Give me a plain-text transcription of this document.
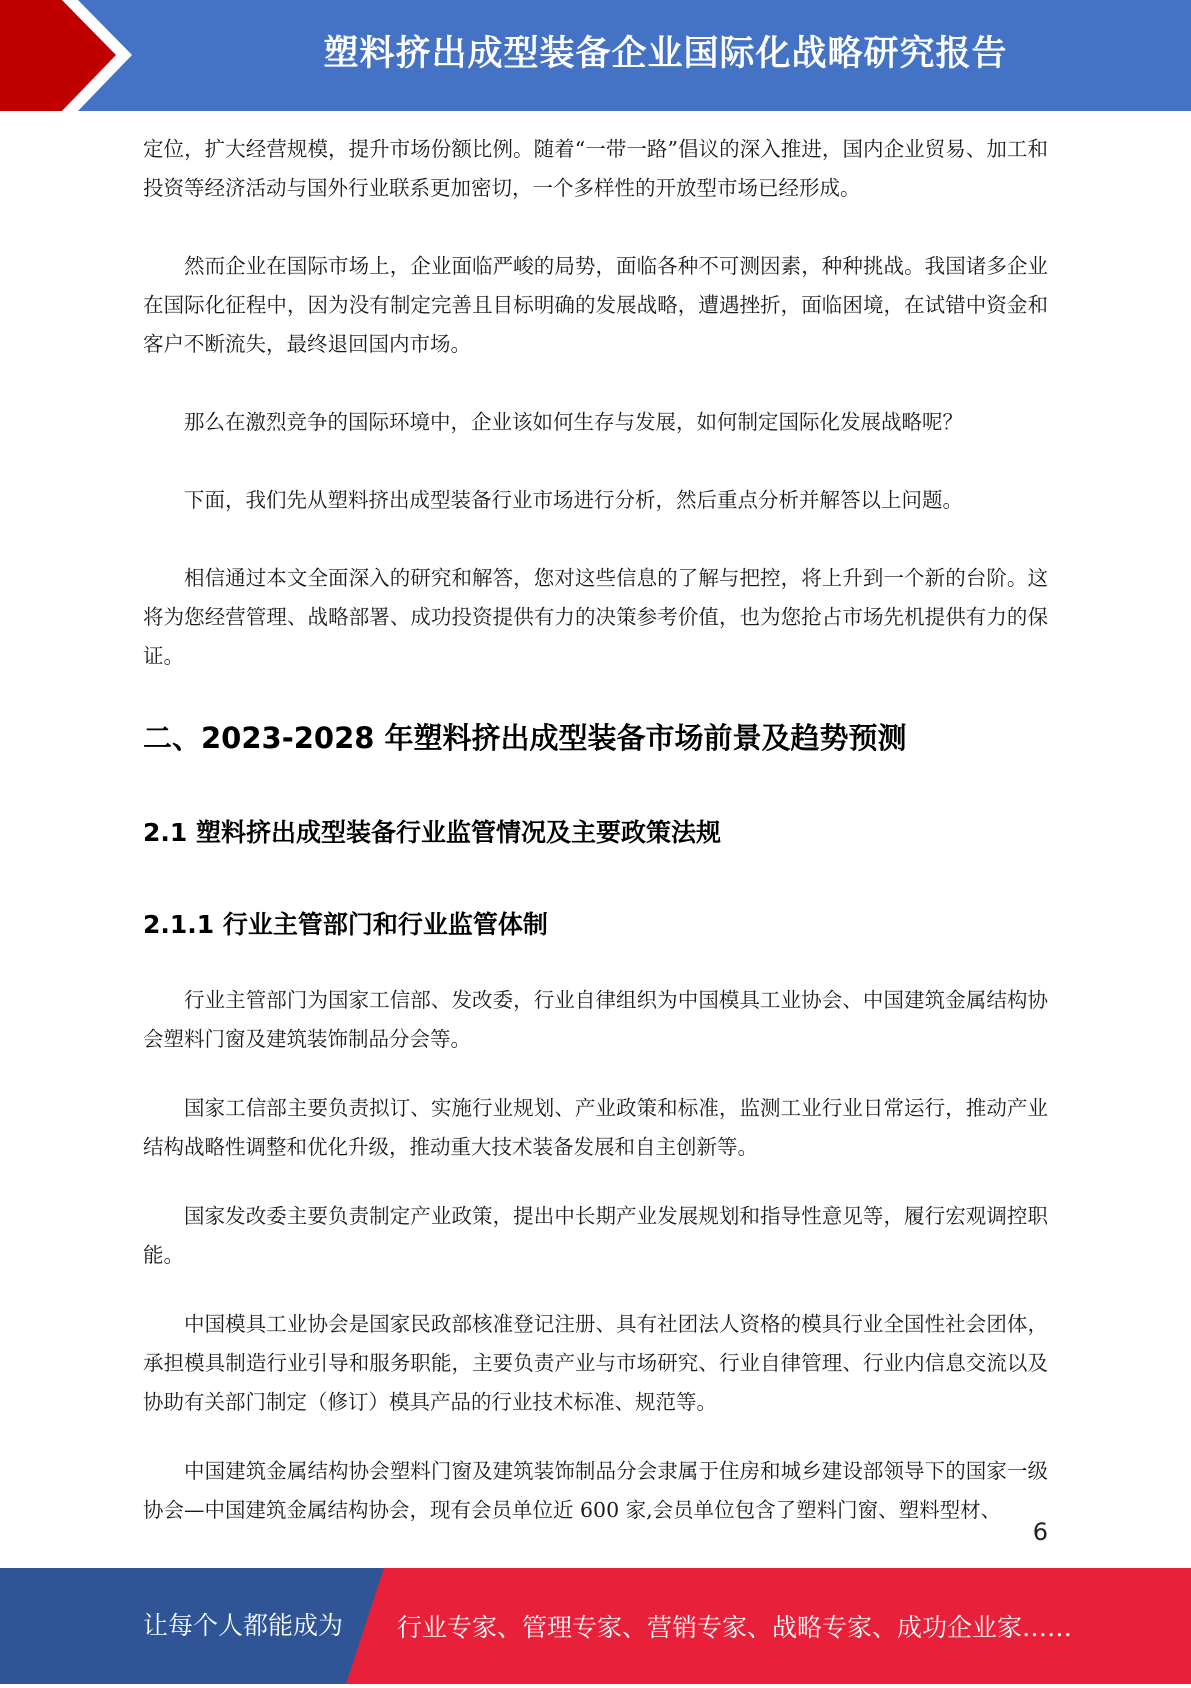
塑料挤出成型装备企业国际化战略研究报告

定位，扩大经营规模，提升市场份额比例。随着“一带一路”倡议的深入推进，国内企业贸易、加工和投资等经济活动与国外行业联系更加密切，一个多样性的开放型市场已经形成。

然而企业在国际市场上，企业面临严峻的局势，面临各种不可测因素，种种挑战。我国诸多企业在国际化征程中，因为没有制定完善且目标明确的发展战略，遭遇挫折，面临困境，在试错中资金和客户不断流失，最终退回国内市场。

那么在激烈竞争的国际环境中，企业该如何生存与发展，如何制定国际化发展战略呢？

下面，我们先从塑料挤出成型装备行业市场进行分析，然后重点分析并解答以上问题。

相信通过本文全面深入的研究和解答，您对这些信息的了解与把控，将上升到一个新的台阶。这将为您经营管理、战略部署、成功投资提供有力的决策参考价值，也为您抢占市场先机提供有力的保证。

二、2023-2028 年塑料挤出成型装备市场前景及趋势预测
2.1 塑料挤出成型装备行业监管情况及主要政策法规
2.1.1 行业主管部门和行业监管体制

行业主管部门为国家工信部、发改委，行业自律组织为中国模具工业协会、中国建筑金属结构协会塑料门窗及建筑装饰制品分会等。

国家工信部主要负责拟订、实施行业规划、产业政策和标准，监测工业行业日常运行，推动产业结构战略性调整和优化升级，推动重大技术装备发展和自主创新等。

国家发改委主要负责制定产业政策，提出中长期产业发展规划和指导性意见等，履行宏观调控职能。

中国模具工业协会是国家民政部核准登记注册、具有社团法人资格的模具行业全国性社会团体，承担模具制造行业引导和服务职能，主要负责产业与市场研究、行业自律管理、行业内信息交流以及协助有关部门制定（修订）模具产品的行业技术标准、规范等。

中国建筑金属结构协会塑料门窗及建筑装饰制品分会隶属于住房和城乡建设部领导下的国家一级协会—中国建筑金属结构协会，现有会员单位近 600 家,会员单位包含了塑料门窗、塑料型材、

6
让每个人都能成为 行业专家、管理专家、营销专家、战略专家、成功企业家……
